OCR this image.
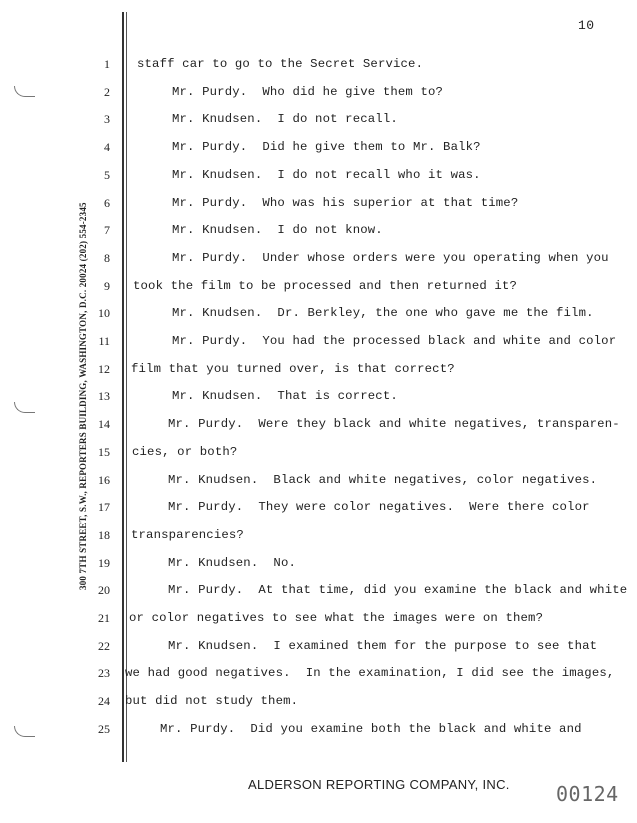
10
300 7TH STREET, S.W., REPORTERS BUILDING, WASHINGTON, D.C. 20024 (202) 554-2345
1 staff car to go to the Secret Service.
2	Mr. Purdy.  Who did he give them to?
3	Mr. Knudsen.  I do not recall.
4	Mr. Purdy.  Did he give them to Mr. Balk?
5	Mr. Knudsen.  I do not recall who it was.
6	Mr. Purdy.  Who was his superior at that time?
7	Mr. Knudsen.  I do not know.
8	Mr. Purdy.  Under whose orders were you operating when you
9 took the film to be processed and then returned it?
10	Mr. Knudsen.  Dr. Berkley, the one who gave me the film.
11	Mr. Purdy.  You had the processed black and white and color
12 film that you turned over, is that correct?
13	Mr. Knudsen.  That is correct.
14	Mr. Purdy.  Were they black and white negatives, transparen-
15 cies, or both?
16	Mr. Knudsen.  Black and white negatives, color negatives.
17	Mr. Purdy.  They were color negatives.  Were there color
18 transparencies?
19	Mr. Knudsen.  No.
20	Mr. Purdy.  At that time, did you examine the black and white
21 or color negatives to see what the images were on them?
22	Mr. Knudsen.  I examined them for the purpose to see that
23 we had good negatives.  In the examination, I did see the images,
24 but did not study them.
25	Mr. Purdy.  Did you examine both the black and white and
ALDERSON REPORTING COMPANY, INC. 00124
